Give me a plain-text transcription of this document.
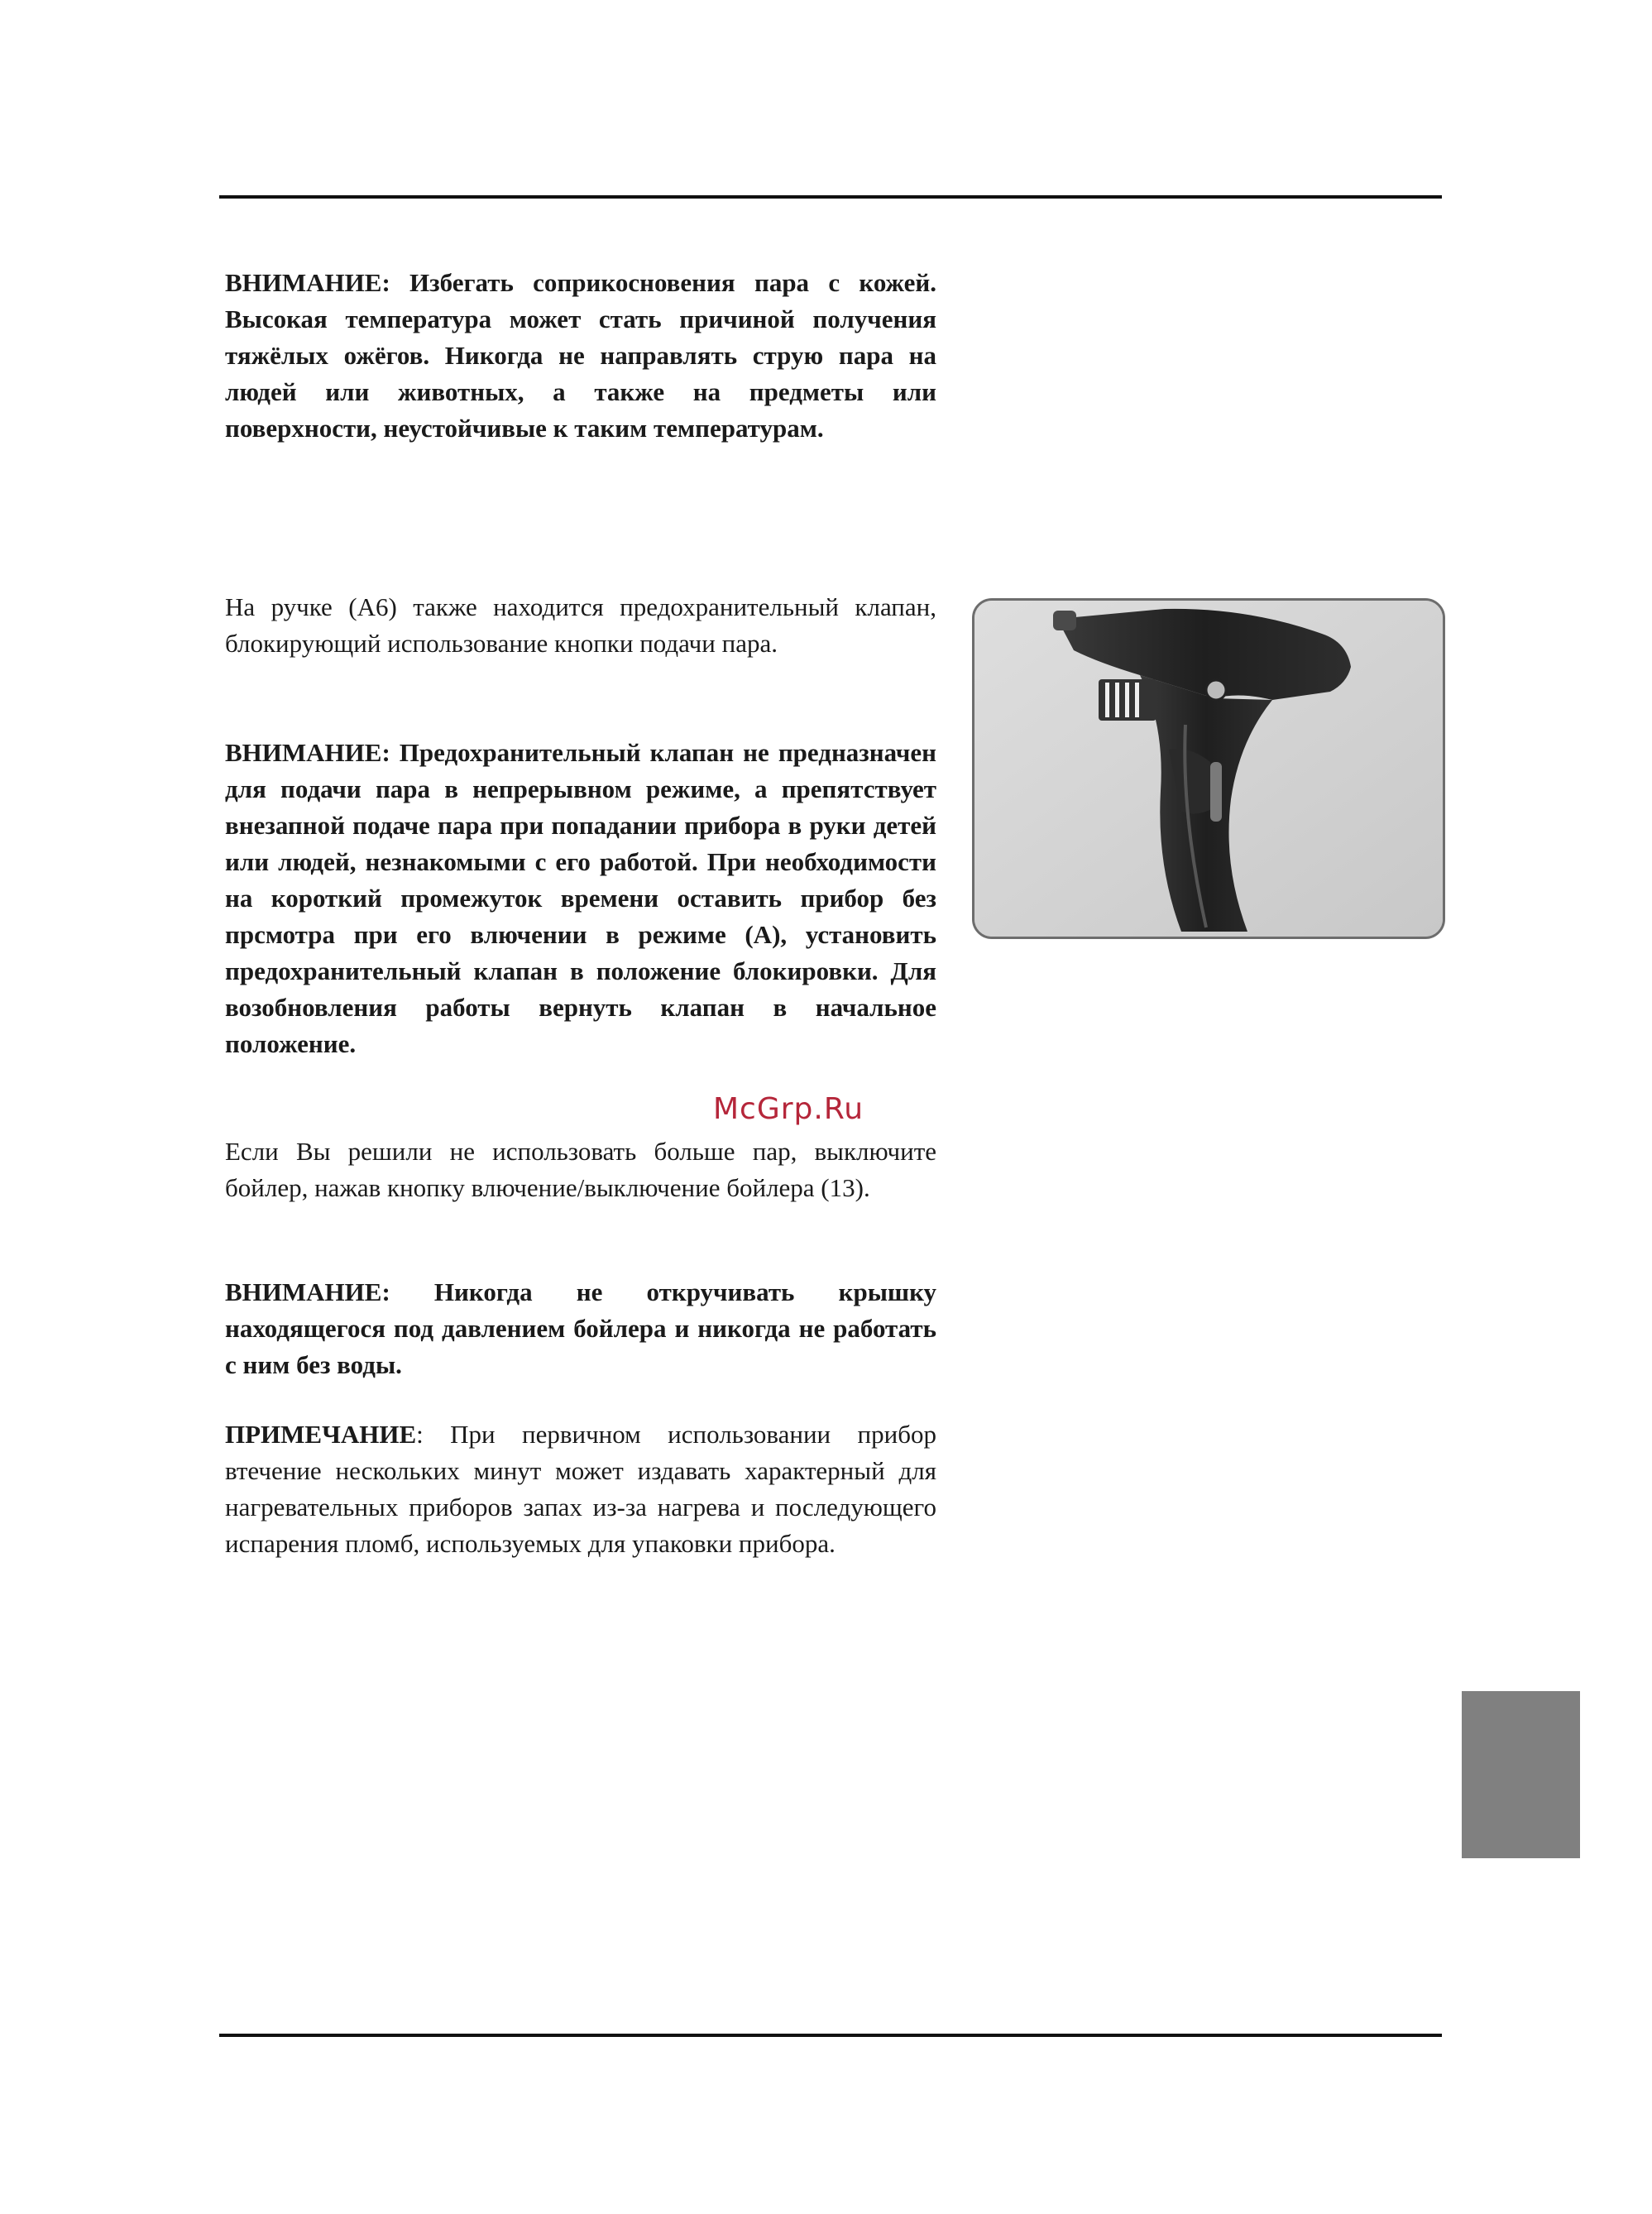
ВНИМАНИЕ: Избегать соприкосновения пара с кожей. Высокая температура может стать причиной получения тяжёлых ожёгов. Никогда не направлять струю пара на людей или животных, а также на предметы или поверхности, неустойчивые к таким температурам.

На ручке (А6) также находится предохранительный клапан, блокирующий использование кнопки подачи пара.

ВНИМАНИЕ: Предохранительный клапан не предназначен для подачи пара в непрерывном режиме, а препятствует внезапной подаче пара при попадании прибора в руки детей или людей, незнакомыми с его работой. При необходимости на короткий промежуток времени оставить прибор без прсмотра при его влючении в режиме (А), установить предохранительный клапан в положение блокировки. Для возобновления работы вернуть клапан в начальное положение.

Если Вы решили не использовать больше пар, выключите бойлер, нажав кнопку влючение/выключение бойлера (13).

ВНИМАНИЕ: Никогда не откручивать крышку находящегося под давлением бойлера и никогда не работать с ним без воды.

ПРИМЕЧАНИЕ: При первичном использовании прибор втечение нескольких минут может издавать характерный для нагревательных приборов запах из-за нагрева и последующего испарения пломб, используемых для упаковки прибора.

McGrp.Ru
